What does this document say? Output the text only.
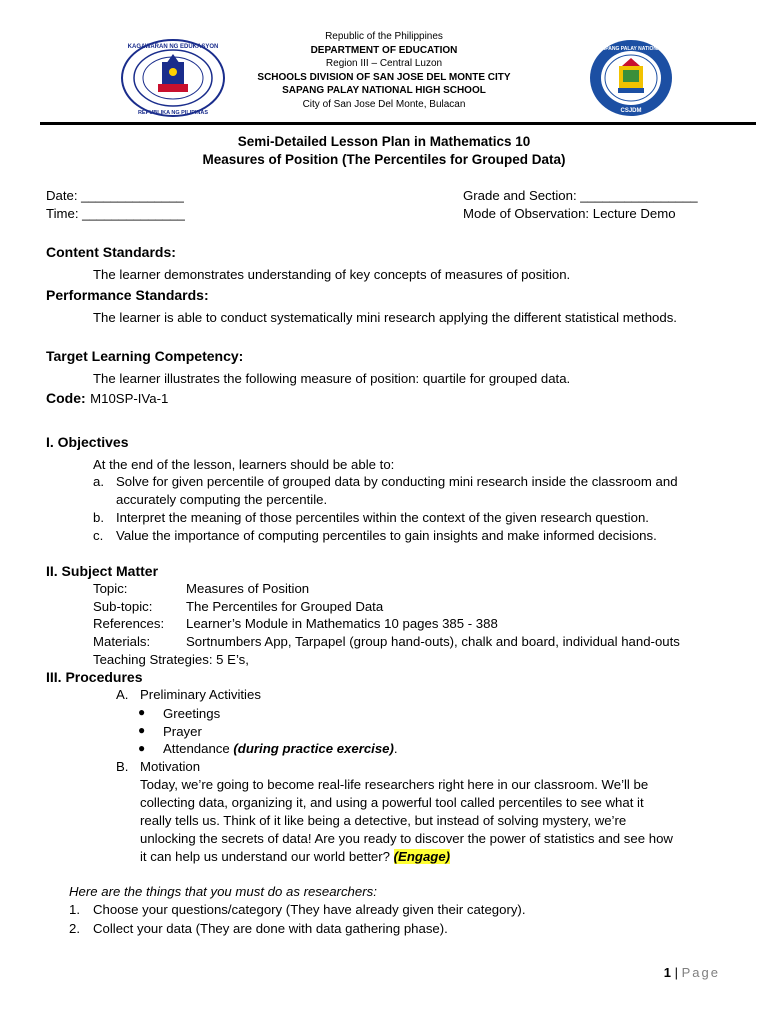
KAGAWARAN NG EDUKASYON
REPUBLIKA NG PILIPINAS
SAPANG PALAY NATIONAL
CSJDM
Republic of the Philippines
DEPARTMENT OF EDUCATION
Region III – Central Luzon
SCHOOLS DIVISION OF SAN JOSE DEL MONTE CITY
SAPANG PALAY NATIONAL HIGH SCHOOL
City of San Jose Del Monte, Bulacan
Semi-Detailed Lesson Plan in Mathematics 10
Measures of Position (The Percentiles for Grouped Data)
Date: ______________
Time: ______________
Grade and Section: ________________
Mode of Observation: Lecture Demo
Content Standards:
The learner demonstrates understanding of key concepts of measures of position.
Performance Standards:
The learner is able to conduct systematically mini research applying the different statistical methods.
Target Learning Competency:
The learner illustrates the following measure of position: quartile for grouped data.
Code: M10SP-IVa-1
I. Objectives
At the end of the lesson, learners should be able to:
a. Solve for given percentile of grouped data by conducting mini research inside the classroom and
accurately computing the percentile.
b. Interpret the meaning of those percentiles within the context of the given research question.
c. Value the importance of computing percentiles to gain insights and make informed decisions.
II. Subject Matter
Topic:	Measures of Position
Sub-topic:	The Percentiles for Grouped Data
References: Learner’s Module in Mathematics 10 pages 385 - 388
Materials:	Sortnumbers App, Tarpapel (group hand-outs), chalk and board, individual hand-outs
Teaching Strategies: 5 E’s,
III. Procedures
A. Preliminary Activities
● Greetings
● Prayer
● Attendance (during practice exercise).
B. Motivation
Today, we’re going to become real-life researchers right here in our classroom. We’ll be
collecting data, organizing it, and using a powerful tool called percentiles to see what it
really tells us. Think of it like being a detective, but instead of solving mystery, we’re
unlocking the secrets of data! Are you ready to discover the power of statistics and see how
it can help us understand our world better? (Engage)
Here are the things that you must do as researchers:
1. Choose your questions/category (They have already given their category).
2. Collect your data (They are done with data gathering phase).
1 | Page
